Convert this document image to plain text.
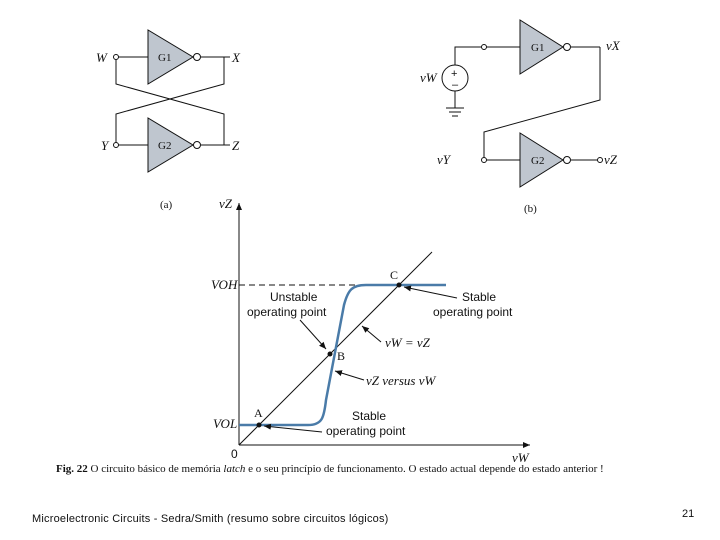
G1
G2
W	X
Y	Z
(a)
G1
G2
+
–
vX
vW
vY	vZ
(b)
vZ
vW
0
VOH
VOL
A
B
C
Unstable
operating point
Stable
operating point
vW = vZ
vZ versus vW
Stable
operating point
Fig. 22 O circuito básico de memória latch e o seu princípio de funcionamento. O estado actual depende do estado anterior !
Microelectronic Circuits - Sedra/Smith (resumo sobre circuitos lógicos)	21
